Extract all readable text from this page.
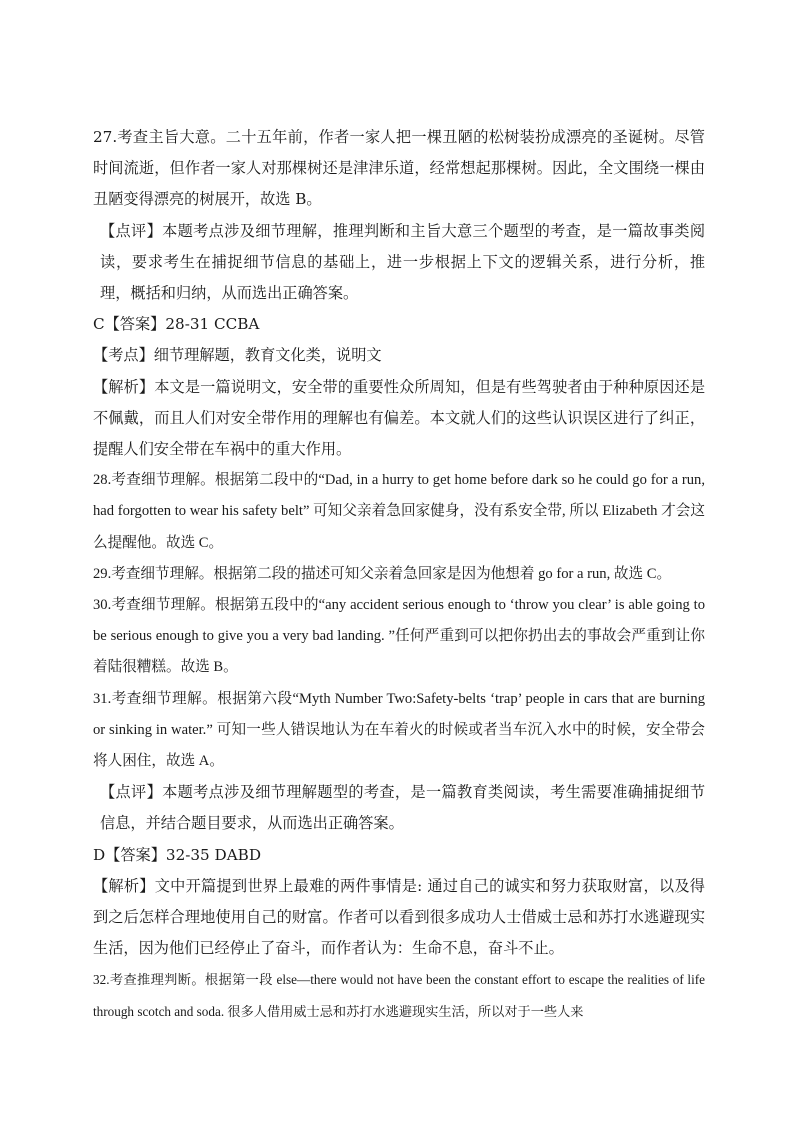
27.考查主旨大意。二十五年前，作者一家人把一棵丑陋的松树装扮成漂亮的圣诞树。尽管时间流逝，但作者一家人对那棵树还是津津乐道，经常想起那棵树。因此，全文围绕一棵由丑陋变得漂亮的树展开，故选 B。

【点评】本题考点涉及细节理解，推理判断和主旨大意三个题型的考查，是一篇故事类阅读，要求考生在捕捉细节信息的基础上，进一步根据上下文的逻辑关系，进行分析，推理，概括和归纳，从而选出正确答案。

C【答案】28-31 CCBA

【考点】细节理解题，教育文化类，说明文

【解析】本文是一篇说明文，安全带的重要性众所周知，但是有些驾驶者由于种种原因还是不佩戴，而且人们对安全带作用的理解也有偏差。本文就人们的这些认识误区进行了纠正，提醒人们安全带在车祸中的重大作用。

28.考查细节理解。根据第二段中的“Dad, in a hurry to get home before dark so he could go for a run, had forgotten to wear his safety belt” 可知父亲着急回家健身，没有系安全带, 所以 Elizabeth 才会这么提醒他。故选 C。

29.考查细节理解。根据第二段的描述可知父亲着急回家是因为他想着 go for a run, 故选 C。

30.考查细节理解。根据第五段中的“any accident serious enough to ‘throw you clear’ is able going to be serious enough to give you a very bad landing. ”任何严重到可以把你扔出去的事故会严重到让你着陆很糟糕。故选 B。

31.考查细节理解。根据第六段“Myth Number Two:Safety-belts ‘trap’ people in cars that are burning or sinking in water.” 可知一些人错误地认为在车着火的时候或者当车沉入水中的时候，安全带会将人困住，故选 A。

【点评】本题考点涉及细节理解题型的考查，是一篇教育类阅读，考生需要准确捕捉细节信息，并结合题目要求，从而选出正确答案。

D【答案】32-35 DABD

【解析】文中开篇提到世界上最难的两件事情是: 通过自己的诚实和努力获取财富，以及得到之后怎样合理地使用自己的财富。作者可以看到很多成功人士借威士忌和苏打水逃避现实生活，因为他们已经停止了奋斗，而作者认为：生命不息，奋斗不止。

32.考查推理判断。根据第一段 else—there would not have been the constant effort to escape the realities of life through scotch and soda. 很多人借用威士忌和苏打水逃避现实生活，所以对于一些人来
